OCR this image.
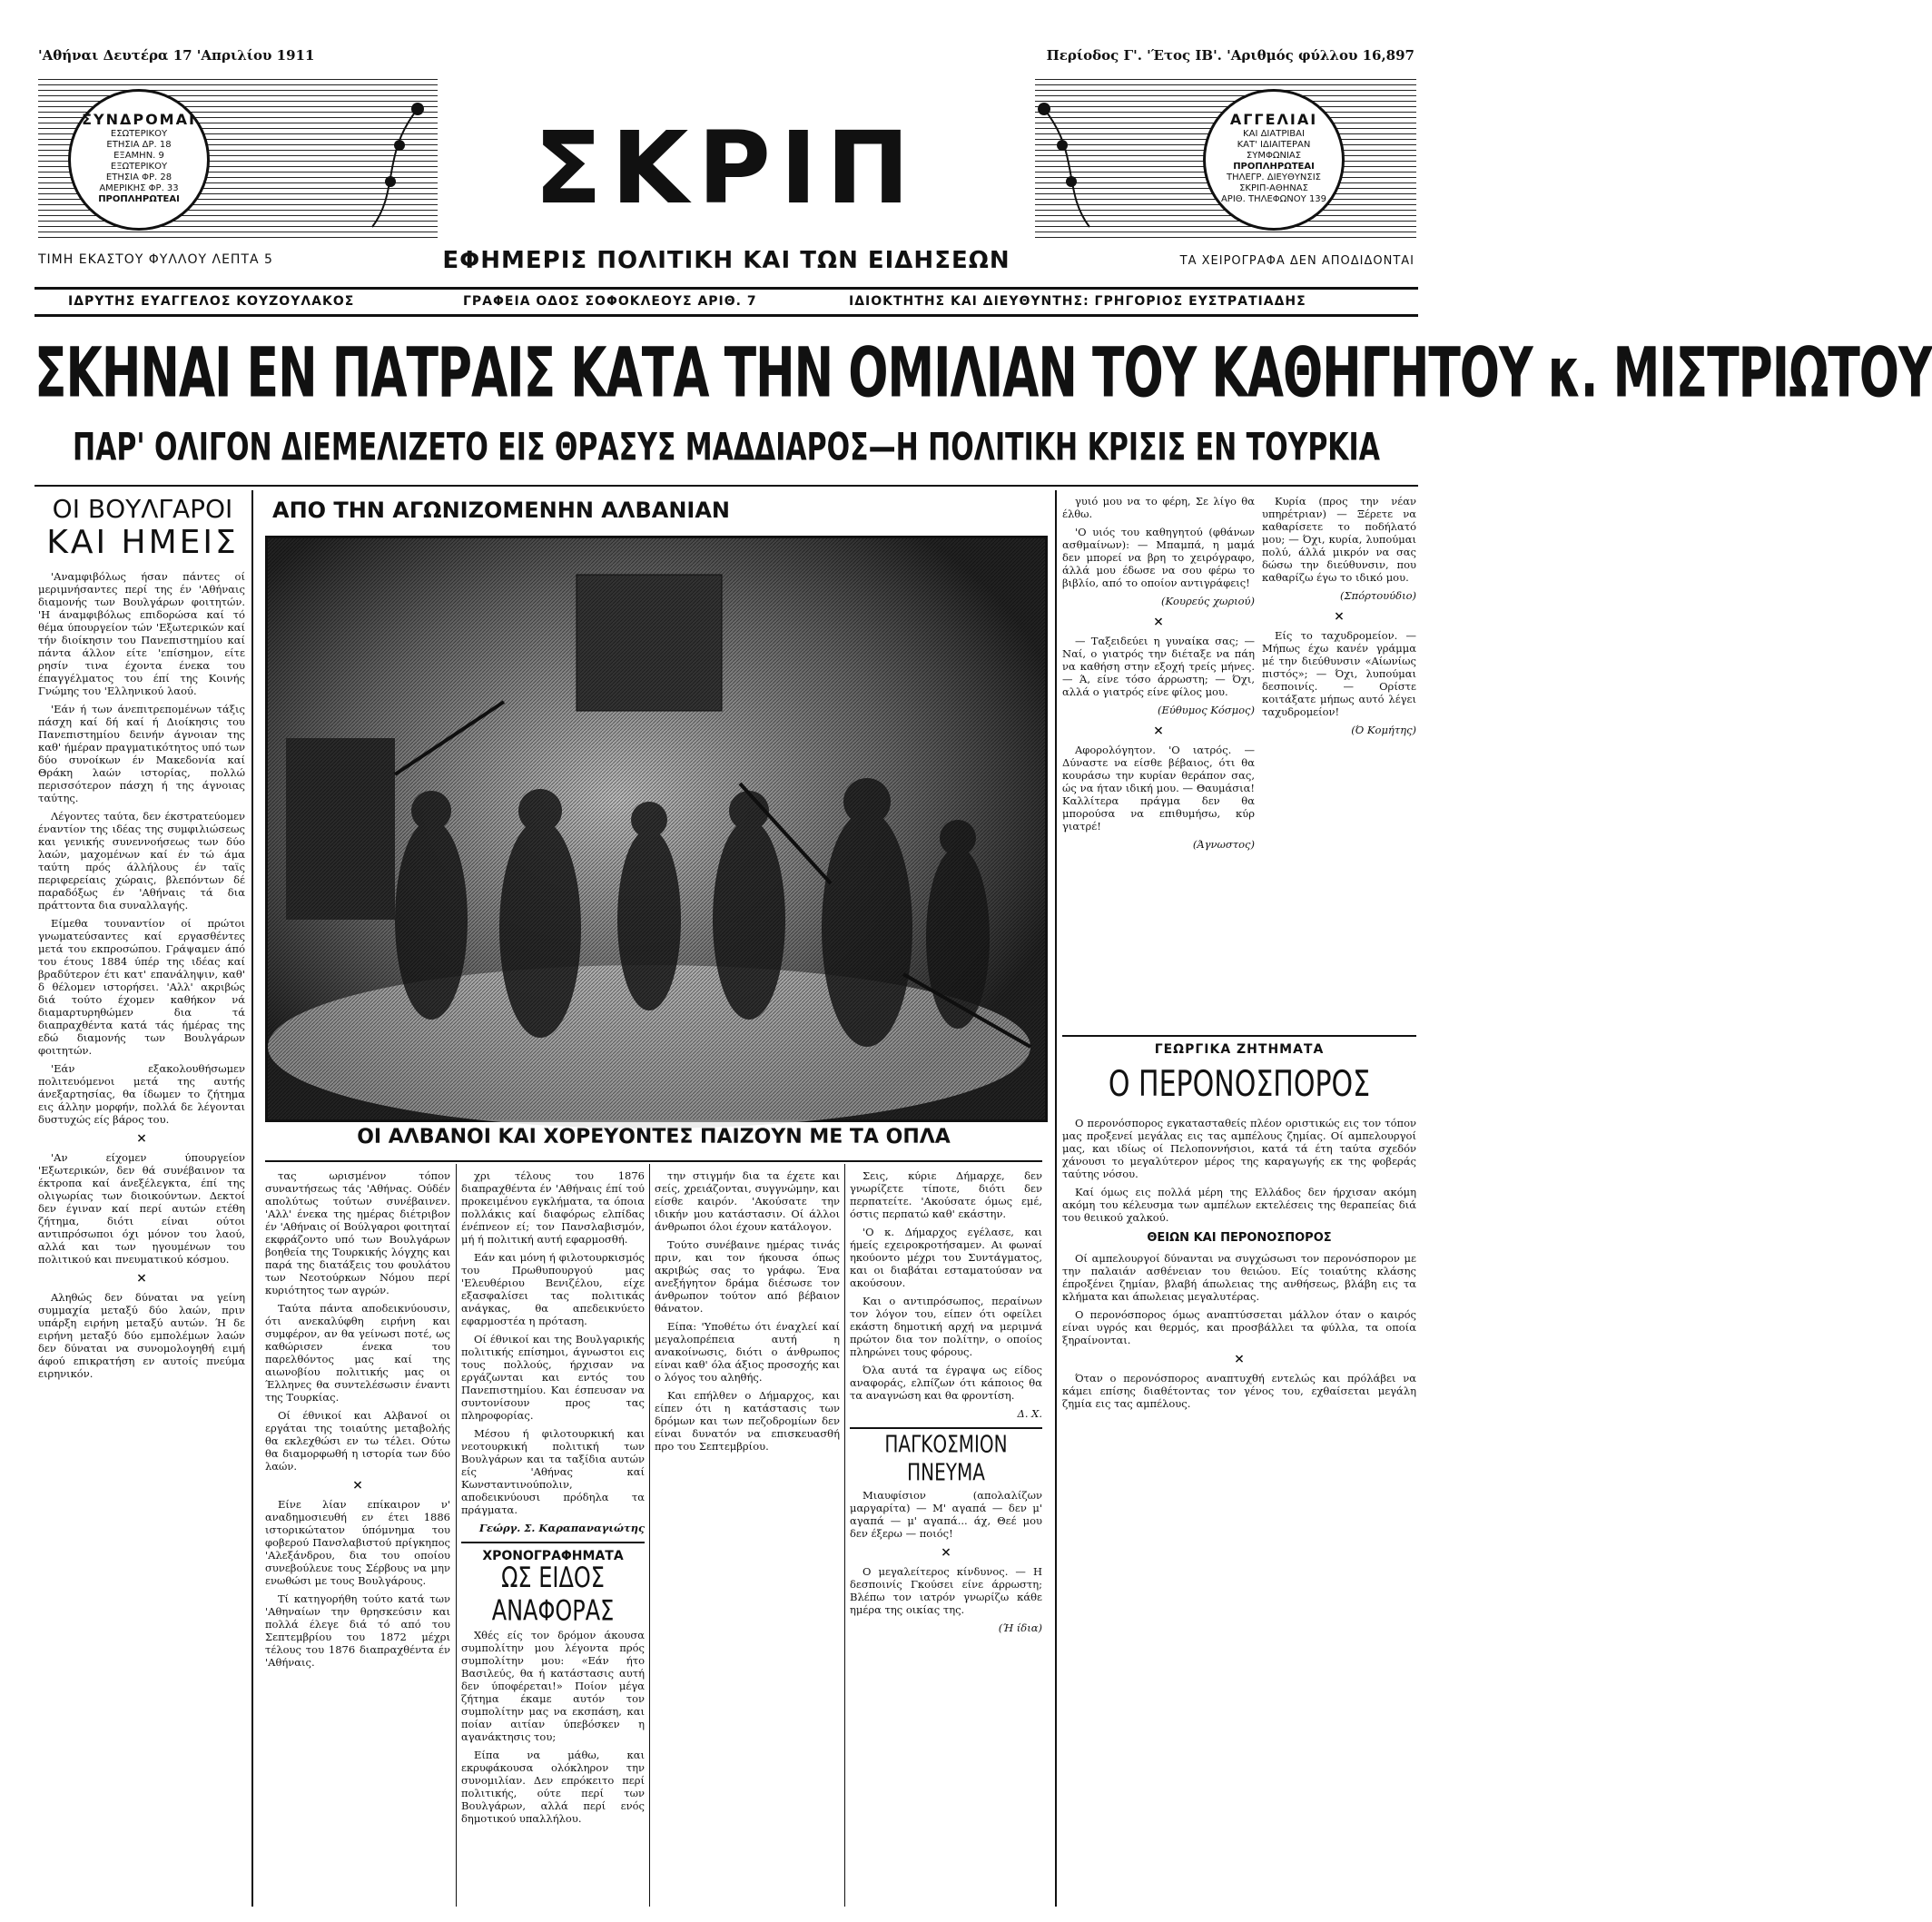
'Αθήναι Δευτέρα 17 'Απριλίου 1911	Περίοδος Γ'. 'Έτος ΙΒ'. 'Αριθμός φύλλου 16,897
ΣΥΝΔΡΟΜΑΙ
ΕΣΩΤΕΡΙΚΟΥ
ΕΤΗΣΙΑ ΔΡ. 18
ΕΞΑΜΗΝ. 9
ΕΞΩΤΕΡΙΚΟΥ
ΕΤΗΣΙΑ ΦΡ. 28
ΑΜΕΡΙΚΗΣ ΦΡ. 33
ΠΡΟΠΛΗΡΩΤΕΑΙ
ΑΓΓΕΛΙΑΙ
ΚΑΙ ΔΙΑΤΡΙΒΑΙ
ΚΑΤ' ΙΔΙΑΙΤΕΡΑΝ
ΣΥΜΦΩΝΙΑΣ
ΠΡΟΠΛΗΡΩΤΕΑΙ
ΤΗΛΕΓΡ. ΔΙΕΥΘΥΝΣΙΣ
ΣΚΡΙΠ-ΑΘΗΝΑΣ
ΑΡΙΘ. ΤΗΛΕΦΩΝΟΥ 139
ΣΚΡΙΠ
ΕΦΗΜΕΡΙΣ ΠΟΛΙΤΙΚΗ ΚΑΙ ΤΩΝ ΕΙΔΗΣΕΩΝ
ΤΙΜΗ ΕΚΑΣΤΟΥ ΦΥΛΛΟΥ ΛΕΠΤΑ 5	ΤΑ ΧΕΙΡΟΓΡΑΦΑ ΔΕΝ ΑΠΟΔΙΔΟΝΤΑΙ
ΙΔΡΥΤΗΣ ΕΥΑΓΓΕΛΟΣ ΚΟΥΖΟΥΛΑΚΟΣ	ΓΡΑΦΕΙΑ ΟΔΟΣ ΣΟΦΟΚΛΕΟΥΣ ΑΡΙΘ. 7	ΙΔΙΟΚΤΗΤΗΣ ΚΑΙ ΔΙΕΥΘΥΝΤΗΣ: ΓΡΗΓΟΡΙΟΣ ΕΥΣΤΡΑΤΙΑΔΗΣ
ΣΚΗΝΑΙ ΕΝ ΠΑΤΡΑΙΣ ΚΑΤΑ ΤΗΝ ΟΜΙΛΙΑΝ ΤΟΥ ΚΑΘΗΓΗΤΟΥ κ. ΜΙΣΤΡΙΩΤΟΥ
ΠΑΡ' ΟΛΙΓΟΝ ΔΙΕΜΕΛΙΖΕΤΟ ΕΙΣ ΘΡΑΣΥΣ ΜΑΔΔΙΑΡΟΣ—Η ΠΟΛΙΤΙΚΗ ΚΡΙΣΙΣ ΕΝ ΤΟΥΡΚΙΑ
ΟΙ ΒΟΥΛΓΑΡΟΙ
ΚΑΙ ΗΜΕΙΣ

'Αναμφιβόλως ήσαν πάντες οί μεριμνήσαντες περί της έν 'Αθήναις διαμονής των Βουλγάρων φοιτητών. 'Η άναμφιβόλως επιδορώσα καί τό θέμα ύπουργείον τών 'Εξωτερικών καί τήν διοίκησιν του Πανεπιστημίου καί πάντα άλλον είτε 'επίσημον, είτε ρησίν τινα έχοντα ένεκα του έπαγγέλματος του έπί της Κοινής Γνώμης του 'Ελληνικού λαού.

'Εάν ή των άνεπιτρεπομένων τάξις πάσχη καί δή καί ή Διοίκησις του Πανεπιστημίου δεινήν άγνοιαν της καθ' ήμέραν πραγματικότητος υπό των δύο συνοίκων έν Μακεδονία καί Θράκη λαών ιστορίας, πολλώ περισσότερον πάσχη ή της άγνοιας ταύτης.

Λέγοντες ταύτα, δεν έκστρατεύομεν έναντίον της ιδέας της συμφιλιώσεως και γενικής συνεννοήσεως των δύο λαών, μαχομένων καί έν τώ άμα ταύτη πρός άλλήλους έν ταϊς περιφερείαις χώραις, βλεπόντων δέ παραδόξως έν 'Αθήναις τά δια πράττοντα δια συναλλαγής.

Είμεθα τουναντίον οί πρώτοι γνωματεύσαντες καί εργασθέντες μετά του εκπροσώπου. Γράψαμεν άπό του έτους 1884 ύπέρ της ιδέας καί βραδύτερον έτι κατ' επανάληψιν, καθ' δ θέλομεν ιστορήσει. 'Αλλ' ακριβώς διά τούτο έχομεν καθήκον νά διαμαρτυρηθώμεν δια τά διαπραχθέντα κατά τάς ήμέρας της εδώ διαμονής των Βουλγάρων φοιτητών.

'Εάν εξακολουθήσωμεν πολιτευόμενοι μετά της αυτής άνεξαρτησίας, θα ίδωμεν το ζήτημα εις άλλην μορφήν, πολλά δε λέγονται δυστυχώς είς βάρος του.

×

'Αν είχομεν ύπουργείον 'Εξωτερικών, δεν θά συνέβαινον τα έκτροπα καί άνεξέλεγκτα, έπί της ολιγωρίας των διοικούντων. Δεκτοί δεν έγιναν καί περί αυτών ετέθη ζήτημα, διότι είναι ούτοι αντιπρόσωποι όχι μόνον του λαού, αλλά και των ηγουμένων του πολιτικού και πνευματικού κόσμου.

×

Αληθώς δεν δύναται να γείνη συμμαχία μεταξύ δύο λαών, πριν υπάρξη ειρήνη μεταξύ αυτών. Ή δε ειρήνη μεταξύ δύο εμπολέμων λαών δεν δύναται να συνομολογηθή ειμή άφού επικρατήση εν αυτοίς πνεύμα ειρηνικόν.

ΑΠΟ ΤΗΝ ΑΓΩΝΙΖΟΜΕΝΗΝ ΑΛΒΑΝΙΑΝ
ΟΙ ΑΛΒΑΝΟΙ ΚΑΙ ΧΟΡΕΥΟΝΤΕΣ ΠΑΙΖΟΥΝ ΜΕ ΤΑ ΟΠΛΑ

τας ωρισμένον τόπον συναντήσεως τάς 'Αθήνας. Ούδέν απολύτως τούτων συνέβαινεν. 'Αλλ' ένεκα της ημέρας διέτριβον έν 'Αθήναις οί Βούλγαροι φοιτηταί εκφράζοντο υπό των Βουλγάρων βοηθεία της Τουρκικής λόγχης και παρά της διατάξεις του φουλάτου των Νεοτούρκων Νόμου περί κυριότητος των αγρών.

Ταύτα πάντα αποδεικνύουσιν, ότι ανεκαλύφθη ειρήνη και συμφέρον, αν θα γείνωσι ποτέ, ως καθώρισεν ένεκα του παρελθόντος μας καί της αιωνοβίου πολιτικής μας οι Έλληνες θα συντελέσωσιν έναντι της Τουρκίας.

Οί έθνικοί και Αλβανοί οι εργάται της τοιαύτης μεταβολής θα εκλεχθώσι εν τω τέλει. Ούτω θα διαμορφωθή η ιστορία των δύο λαών.

×

Είνε λίαν επίκαιρον ν' αναδημοσιευθή εν έτει 1886 ιστορικώτατον ύπόμνημα του φοβερού Πανσλαβιστού πρίγκηπος 'Αλεξάνδρου, δια του οποίου συνεβούλευε τους Σέρβους να μην ενωθώσι με τους Βουλγάρους.

Τί κατηγορήθη τούτο κατά των 'Αθηναίων την θρησκεύσιν και πολλά έλεγε διά τό από του Σεπτεμβρίου του 1872 μέχρι τέλους του 1876 διαπραχθέντα έν 'Αθήναις.

χρι τέλους του 1876 διαπραχθέντα έν 'Αθήναις έπί τού προκειμένου εγκλήματα, τα όποια πολλάκις καί διαφόρως ελπίδας ένέπνεον εί; τον Πανσλαβισμόν, μή ή πολιτική αυτή εφαρμοσθή.

Εάν και μόνη ή φιλοτουρκισμός του Πρωθυπουργού μας 'Ελευθέριου Βενιζέλου, είχε εξασφαλίσει τας πολιτικάς ανάγκας, θα απεδεικνύετο εφαρμοστέα η πρόταση.

Οί έθνικοί και της Βουλγαρικής πολιτικής επίσημοι, άγνωστοι εις τους πολλούς, ήρχισαν να εργάζωνται και εντός του Πανεπιστημίου. Και έσπευσαν να συντονίσουν προς τας πληροφορίας.

Μέσου ή φιλοτουρκική και νεοτουρκική πολιτική των Βουλγάρων και τα ταξίδια αυτών είς 'Αθήνας καί Κωνσταντινούπολιν, αποδεικνύουσι πρόδηλα τα πράγματα.

Γεώργ. Σ. Καραπαναγιώτης
ΧΡΟΝΟΓΡΑΦΗΜΑΤΑ
ΩΣ ΕΙΔΟΣ ΑΝΑΦΟΡΑΣ

Χθές είς τον δρόμον άκουσα συμπολίτην μου λέγοντα πρός συμπολίτην μου: «Εάν ήτο Βασιλεύς, θα ή κατάστασις αυτή δεν ύποφέρεται!» Ποίον μέγα ζήτημα έκαμε αυτόν τον συμπολίτην μας να εκσπάση, και ποίαν αιτίαν ύπεβόσκεν η αγανάκτησις του;

Είπα να μάθω, και εκρυφάκουσα ολόκληρον την συνομιλίαν. Δεν επρόκειτο περί πολιτικής, ούτε περί των Βουλγάρων, αλλά περί ενός δημοτικού υπαλλήλου.

την στιγμήν δια τα έχετε και σείς, χρειάζονται, συγγνώμην, και είσθε καιρόν. 'Ακούσατε την ιδικήν μου κατάστασιν. Οί άλλοι άνθρωποι όλοι έχουν κατάλογον.

Τούτο συνέβαινε ημέρας τινάς πριν, και τον ήκουσα όπως ακριβώς σας το γράφω. Ένα ανεξήγητον δράμα διέσωσε τον άνθρωπον τούτον από βέβαιον θάνατον.

Είπα: 'Υποθέτω ότι έναχλεί καί μεγαλοπρέπεια αυτή η ανακοίνωσις, διότι ο άνθρωπος είναι καθ' όλα άξιος προσοχής και ο λόγος του αληθής.

Και επήλθεν ο Δήμαρχος, και είπεν ότι η κατάστασις των δρόμων και των πεζοδρομίων δεν είναι δυνατόν να επισκευασθή προ του Σεπτεμβρίου.

Σεις, κύριε Δήμαρχε, δεν γνωρίζετε τίποτε, διότι δεν περπατείτε. 'Ακούσατε όμως εμέ, όστις περπατώ καθ' εκάστην.

'Ο κ. Δήμαρχος εγέλασε, και ήμείς εχειροκροτήσαμεν. Αι φωναί ηκούοντο μέχρι του Συντάγματος, και οι διαβάται εσταματούσαν να ακούσουν.

Και ο αντιπρόσωπος, περαίνων τον λόγον του, είπεν ότι οφείλει εκάστη δημοτική αρχή να μεριμνά πρώτον δια τον πολίτην, ο οποίος πληρώνει τους φόρους.

Όλα αυτά τα έγραψα ως είδος αναφοράς, ελπίζων ότι κάποιος θα τα αναγνώση και θα φροντίση.

Δ. Χ.
ΠΑΓΚΟΣΜΙΟΝ ΠΝΕΥΜΑ

Μιαυφίσιον (απολαλίζων μαργαρίτα) — Μ' αγαπά — δεν μ' αγαπά — μ' αγαπά... άχ, Θεέ μου δεν έξερω — ποιός!

×

Ο μεγαλείτερος κίνδυνος. — Η δεσποινίς Γκούσει είνε άρρωστη; Βλέπω τον ιατρόν γνωρίζω κάθε ημέρα της οικίας της.

(Ή ίδια)

γυιό μου να το φέρη, Σε λίγο θα έλθω.

'Ο υιός του καθηγητού (φθάνων ασθμαίνων): — Μπαμπά, η μαμά δεν μπορεί να βρη το χειρόγραφο, άλλά μου έδωσε να σου φέρω το βιβλίο, από το οποίον αντιγράφεις!

(Κουρεύς χωριού)
×

— Ταξειδεύει η γυναίκα σας; — Ναί, ο γιατρός την διέταξε να πάη να καθήση στην εξοχή τρείς μήνες. — Ά, είνε τόσο άρρωστη; — Όχι, αλλά ο γιατρός είνε φίλος μου.

(Εύθυμος Κόσμος)
×

Αφορολόγητον. 'Ο ιατρός. — Δύναστε να είσθε βέβαιος, ότι θα κουράσω την κυρίαν θεράπον σας, ώς να ήταν ιδική μου. — Θαυμάσια! Καλλίτερα πράγμα δεν θα μπορούσα να επιθυμήσω, κύρ γιατρέ!

(Άγνωστος)

Κυρία (προς την νέαν υπηρέτριαν) — Ξέρετε να καθαρίσετε το ποδήλατό μου; — Όχι, κυρία, λυπούμαι πολύ, άλλά μικρόν να σας δώσω την διεύθυνσιν, που καθαρίζω έγω το ιδικό μου.

(Σπόρτουύδιο)
×

Είς το ταχυδρομείον. — Μήπως έχω κανέν γράμμα μέ την διεύθυνσιν «Αίωνίως πιστός»; — Όχι, λυπούμαι δεσποινίς. — Ορίστε κοιτάξατε μήπως αυτό λέγει ταχυδρομείον!

(Ό Κομήτης)
ΓΕΩΡΓΙΚΑ ΖΗΤΗΜΑΤΑ
Ο ΠΕΡΟΝΟΣΠΟΡΟΣ

Ο περονόσπορος εγκατασταθείς πλέον οριστικώς εις τον τόπον μας προξενεί μεγάλας εις τας αμπέλους ζημίας. Οί αμπελουργοί μας, και ιδίως οί Πελοποννήσιοι, κατά τά έτη ταύτα σχεδόν χάνουσι το μεγαλύτερον μέρος της καραγωγής εκ της φοβεράς ταύτης νόσου.

Καί όμως εις πολλά μέρη της Ελλάδος δεν ήρχισαν ακόμη ακόμη του κέλευσμα των αμπέλων εκτελέσεις της θεραπείας διά του θειικού χαλκού.

ΘΕΙΩΝ ΚΑΙ ΠΕΡΟΝΟΣΠΟΡΟΣ

Οί αμπελουργοί δύνανται να συγχώσωσι τον περονόσπορον με την παλαιάν ασθένειαν του θειώου. Είς τοιαύτης κλάσης έπροξένει ζημίαν, βλαβή άπωλειας της ανθήσεως, βλάβη εις τα κλήματα και άπωλειας μεγαλυτέρας.

Ο περονόσπορος όμως αναπτύσσεται μάλλον όταν ο καιρός είναι υγρός και θερμός, και προσβάλλει τα φύλλα, τα οποία ξηραίνονται.

×

Όταν ο περονόσπορος αναπτυχθή εντελώς και πρόλάβει να κάμει επίσης διαθέτοντας τον γένος του, εχθαίσεται μεγάλη ζημία εις τας αμπέλους.
